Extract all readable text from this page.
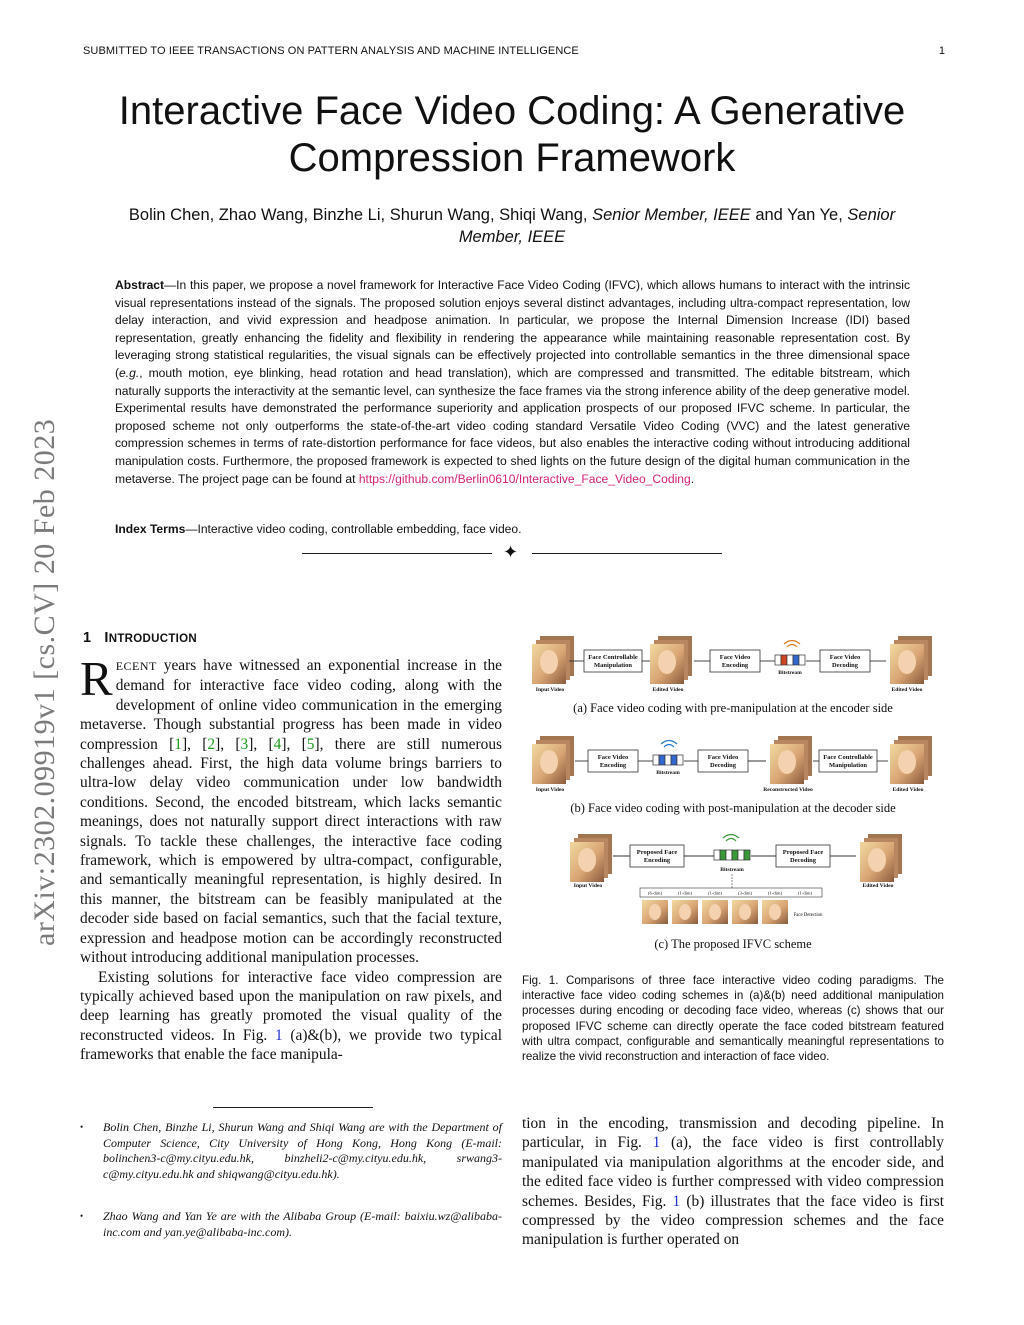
SUBMITTED TO IEEE TRANSACTIONS ON PATTERN ANALYSIS AND MACHINE INTELLIGENCE	1
Interactive Face Video Coding: A Generative
Compression Framework
Bolin Chen, Zhao Wang, Binzhe Li, Shurun Wang, Shiqi Wang, Senior Member, IEEE and Yan Ye, Senior
Member, IEEE
Abstract—In this paper, we propose a novel framework for Interactive Face Video Coding (IFVC), which allows humans to interact with the intrinsic visual representations instead of the signals. The proposed solution enjoys several distinct advantages, including ultra-compact representation, low delay interaction, and vivid expression and headpose animation. In particular, we propose the Internal Dimension Increase (IDI) based representation, greatly enhancing the fidelity and flexibility in rendering the appearance while maintaining reasonable representation cost. By leveraging strong statistical regularities, the visual signals can be effectively projected into controllable semantics in the three dimensional space (e.g., mouth motion, eye blinking, head rotation and head translation), which are compressed and transmitted. The editable bitstream, which naturally supports the interactivity at the semantic level, can synthesize the face frames via the strong inference ability of the deep generative model. Experimental results have demonstrated the performance superiority and application prospects of our proposed IFVC scheme. In particular, the proposed scheme not only outperforms the state-of-the-art video coding standard Versatile Video Coding (VVC) and the latest generative compression schemes in terms of rate-distortion performance for face videos, but also enables the interactive coding without introducing additional manipulation costs. Furthermore, the proposed framework is expected to shed lights on the future design of the digital human communication in the metaverse. The project page can be found at https://github.com/Berlin0610/Interactive_Face_Video_Coding.
Index Terms—Interactive video coding, controllable embedding, face video.
✦
arXiv:2302.09919v1 [cs.CV] 20 Feb 2023 1 INTRODUCTION

RECENT years have witnessed an exponential increase in the demand for interactive face video coding, along with the development of online video communication in the emerging metaverse. Though substantial progress has been made in video compression [1], [2], [3], [4], [5], there are still numerous challenges ahead. First, the high data volume brings barriers to ultra-low delay video communication under low bandwidth conditions. Second, the encoded bitstream, which lacks semantic meanings, does not naturally support direct interactions with raw signals. To tackle these challenges, the interactive face coding framework, which is empowered by ultra-compact, configurable, and semantically meaningful representation, is highly desired. In this manner, the bitstream can be feasibly manipulated at the decoder side based on facial semantics, such that the facial texture, expression and headpose motion can be accordingly reconstructed without introducing additional manipulation processes.

Existing solutions for interactive face video compression are typically achieved based upon the manipulation on raw pixels, and deep learning has greatly promoted the visual quality of the reconstructed videos. In Fig. 1 (a)&(b), we provide two typical frameworks that enable the face manipula-

• Bolin Chen, Binzhe Li, Shurun Wang and Shiqi Wang are with the Department of Computer Science, City University of Hong Kong, Hong Kong (E-mail: bolinchen3-c@my.cityu.edu.hk, binzheli2-c@my.cityu.edu.hk, srwang3-c@my.cityu.edu.hk and shiqwang@cityu.edu.hk).
• Zhao Wang and Yan Ye are with the Alibaba Group (E-mail: baixiu.wz@alibaba-inc.com and yan.ye@alibaba-inc.com).
Input Video
Face Controllable
Manipulation
Edited Video
Face Video
Encoding
Bitstream
Face Video
Decoding
Edited Video
(a) Face video coding with pre-manipulation at the encoder side
Input Video
Face Video
Encoding
Bitstream
Face Video
Decoding
Reconstructed Video
Face Controllable
Manipulation
Edited Video
(b) Face video coding with post-manipulation at the decoder side
Input Video
Proposed Face
Encoding
Bitstream
Proposed Face
Decoding
Edited Video
(6-dim)	(1-dim)	(1-dim)	(3-dim)	(1-dim)	(1-dim)
Face Detection
(c) The proposed IFVC scheme
Fig. 1. Comparisons of three face interactive video coding paradigms. The interactive face video coding schemes in (a)&(b) need additional manipulation processes during encoding or decoding face video, whereas (c) shows that our proposed IFVC scheme can directly operate the face coded bitstream featured with ultra compact, configurable and semantically meaningful representations to realize the vivid reconstruction and interaction of face video.

tion in the encoding, transmission and decoding pipeline. In particular, in Fig. 1 (a), the face video is first controllably manipulated via manipulation algorithms at the encoder side, and the edited face video is further compressed with video compression schemes. Besides, Fig. 1 (b) illustrates that the face video is first compressed by the video compression schemes and the face manipulation is further operated on
